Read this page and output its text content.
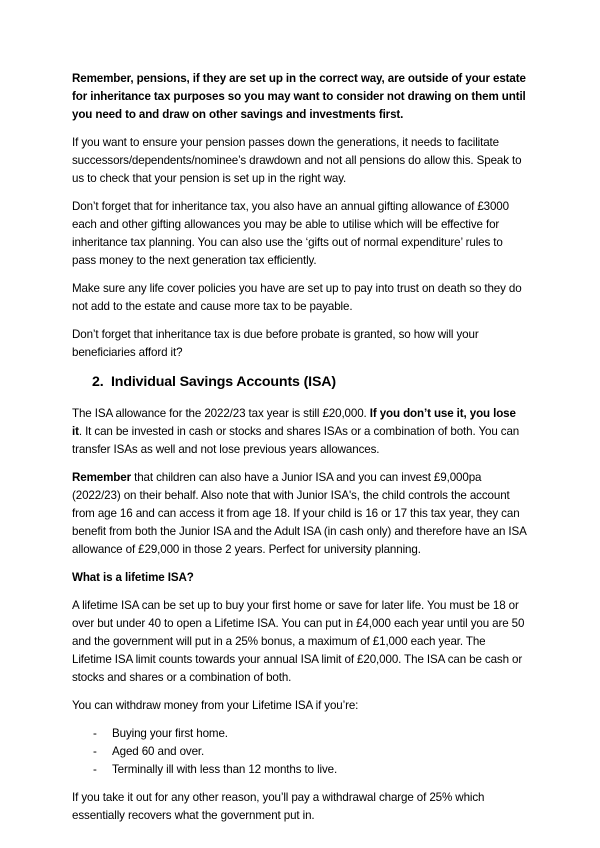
Remember, pensions, if they are set up in the correct way, are outside of your estate for inheritance tax purposes so you may want to consider not drawing on them until you need to and draw on other savings and investments first.

If you want to ensure your pension passes down the generations, it needs to facilitate successors/dependents/nominee’s drawdown and not all pensions do allow this. Speak to us to check that your pension is set up in the right way.

Don’t forget that for inheritance tax, you also have an annual gifting allowance of £3000 each and other gifting allowances you may be able to utilise which will be effective for inheritance tax planning. You can also use the ‘gifts out of normal expenditure’ rules to pass money to the next generation tax efficiently.

Make sure any life cover policies you have are set up to pay into trust on death so they do not add to the estate and cause more tax to be payable.

Don’t forget that inheritance tax is due before probate is granted, so how will your beneficiaries afford it?

2. Individual Savings Accounts (ISA)

The ISA allowance for the 2022/23 tax year is still £20,000. If you don’t use it, you lose it. It can be invested in cash or stocks and shares ISAs or a combination of both. You can transfer ISAs as well and not lose previous years allowances.

Remember that children can also have a Junior ISA and you can invest £9,000pa (2022/23) on their behalf. Also note that with Junior ISA's, the child controls the account from age 16 and can access it from age 18. If your child is 16 or 17 this tax year, they can benefit from both the Junior ISA and the Adult ISA (in cash only) and therefore have an ISA allowance of £29,000 in those 2 years. Perfect for university planning.

What is a lifetime ISA?

A lifetime ISA can be set up to buy your first home or save for later life. You must be 18 or over but under 40 to open a Lifetime ISA. You can put in £4,000 each year until you are 50 and the government will put in a 25% bonus, a maximum of £1,000 each year. The Lifetime ISA limit counts towards your annual ISA limit of £20,000. The ISA can be cash or stocks and shares or a combination of both.

You can withdraw money from your Lifetime ISA if you’re:

-	Buying your first home.
-	Aged 60 and over.
-	Terminally ill with less than 12 months to live.

If you take it out for any other reason, you’ll pay a withdrawal charge of 25% which essentially recovers what the government put in.
